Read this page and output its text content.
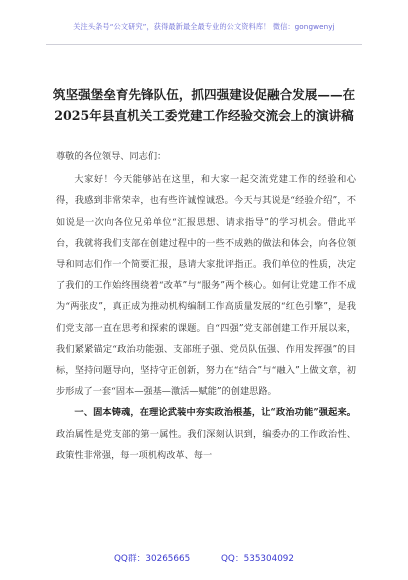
关注头条号“公文研究”，获得最新最全最专业的公文资料库！ 微信：gongwenyj
筑坚强堡垒育先锋队伍，抓四强建设促融合发展——在
2025年县直机关工委党建工作经验交流会上的演讲稿

尊敬的各位领导、同志们：

大家好！今天能够站在这里，和大家一起交流党建工作的经验和心得，我感到非常荣幸，也有些许诚惶诚恐。今天与其说是“经验介绍”，不如说是一次向各位兄弟单位“汇报思想、请求指导”的学习机会。借此平台，我就将我们支部在创建过程中的一些不成熟的做法和体会，向各位领导和同志们作一个简要汇报，恳请大家批评指正。我们单位的性质，决定了我们的工作始终围绕着“改革”与“服务”两个核心。如何让党建工作不成为“两张皮”，真正成为推动机构编制工作高质量发展的“红色引擎”，是我们党支部一直在思考和探索的课题。自“四强”党支部创建工作开展以来，我们紧紧锚定“政治功能强、支部班子强、党员队伍强、作用发挥强”的目标，坚持问题导向，坚持守正创新，努力在“结合”与“融入”上做文章，初步形成了一套“固本—强基—激活—赋能”的创建思路。

一、固本铸魂，在理论武装中夯实政治根基，让“政治功能”强起来。政治属性是党支部的第一属性。我们深刻认识到，编委办的工作政治性、政策性非常强，每一项机构改革、每一

QQ群：30265665	QQ：535304092
